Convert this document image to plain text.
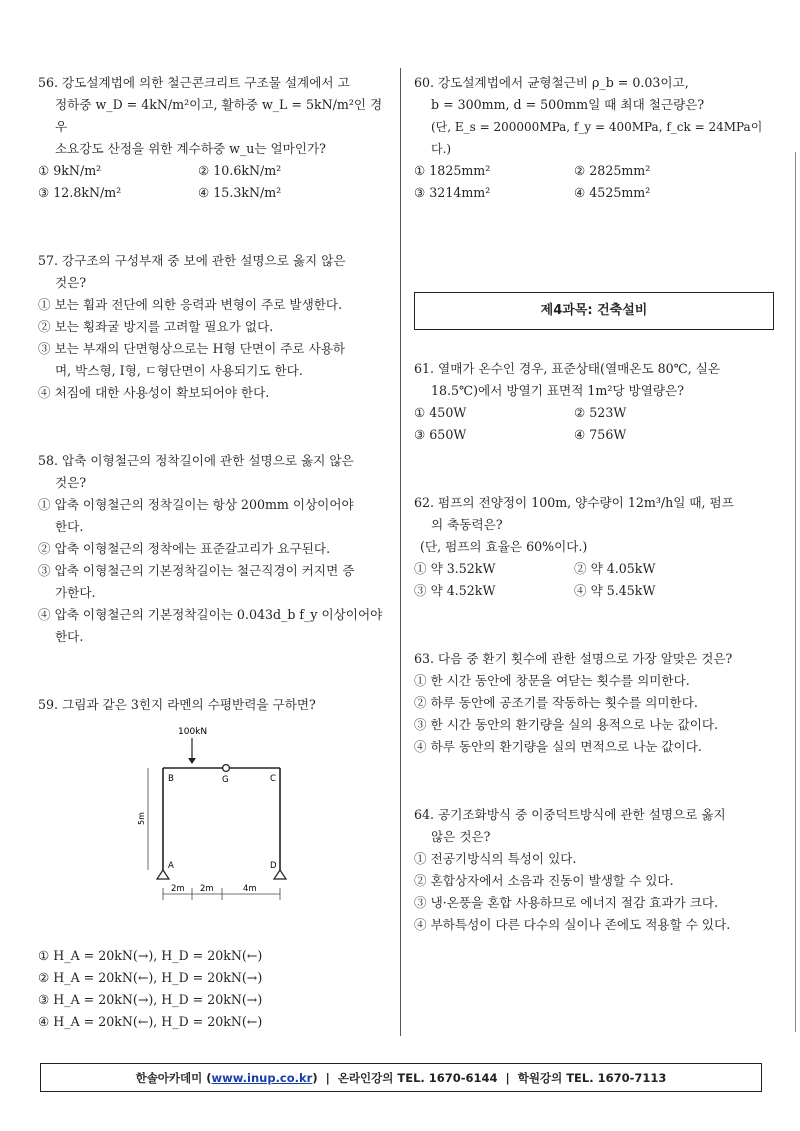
56. 강도설계법에 의한 철근콘크리트 구조물 설계에서 고
정하중 w_D = 4kN/m²이고, 활하중 w_L = 5kN/m²인 경우
소요강도 산정을 위한 계수하중 w_u는 얼마인가?
① 9kN/m²	② 10.6kN/m²
③ 12.8kN/m²	④ 15.3kN/m²
57. 강구조의 구성부재 중 보에 관한 설명으로 옳지 않은
것은?
① 보는 휨과 전단에 의한 응력과 변형이 주로 발생한다.
② 보는 횡좌굴 방지를 고려할 필요가 없다.
③ 보는 부재의 단면형상으로는 H형 단면이 주로 사용하
며, 박스형, I형, ㄷ형단면이 사용되기도 한다.
④ 처짐에 대한 사용성이 확보되어야 한다.
58. 압축 이형철근의 정착길이에 관한 설명으로 옳지 않은
것은?
① 압축 이형철근의 정착길이는 항상 200mm 이상이어야
한다.
② 압축 이형철근의 정착에는 표준갈고리가 요구된다.
③ 압축 이형철근의 기본정착길이는 철근직경이 커지면 증
가한다.
④ 압축 이형철근의 기본정착길이는 0.043d_b f_y 이상이어야
한다.
59. 그림과 같은 3힌지 라멘의 수평반력을 구하면?
100kN
B	G	C
A	D
5m
2m 2m	4m
① H_A = 20kN(→), H_D = 20kN(←)
② H_A = 20kN(←), H_D = 20kN(→)
③ H_A = 20kN(→), H_D = 20kN(→)
④ H_A = 20kN(←), H_D = 20kN(←)
60. 강도설계법에서 균형철근비 ρ_b = 0.03이고,
b = 300mm, d = 500mm일 때 최대 철근량은?
(단, E_s = 200000MPa, f_y = 400MPa, f_ck = 24MPa이다.)
① 1825mm²	② 2825mm²
③ 3214mm²	④ 4525mm²
제4과목: 건축설비
61. 열매가 온수인 경우, 표준상태(열매온도 80℃, 실온
18.5℃)에서 방열기 표면적 1m²당 방열량은?
① 450W	② 523W
③ 650W	④ 756W
62. 펌프의 전양정이 100m, 양수량이 12m³/h일 때, 펌프
의 축동력은?
(단, 펌프의 효율은 60%이다.)
① 약 3.52kW	② 약 4.05kW
③ 약 4.52kW	④ 약 5.45kW
63. 다음 중 환기 횟수에 관한 설명으로 가장 알맞은 것은?
① 한 시간 동안에 창문을 여닫는 횟수를 의미한다.
② 하루 동안에 공조기를 작동하는 횟수를 의미한다.
③ 한 시간 동안의 환기량을 실의 용적으로 나눈 값이다.
④ 하루 동안의 환기량을 실의 면적으로 나눈 값이다.
64. 공기조화방식 중 이중덕트방식에 관한 설명으로 옳지
않은 것은?
① 전공기방식의 특성이 있다.
② 혼합상자에서 소음과 진동이 발생할 수 있다.
③ 냉·온풍을 혼합 사용하므로 에너지 절감 효과가 크다.
④ 부하특성이 다른 다수의 실이나 존에도 적용할 수 있다.
한솔아카데미 ( www.inup.co.kr )  |  온라인강의 TEL. 1670-6144  |  학원강의 TEL. 1670-7113
